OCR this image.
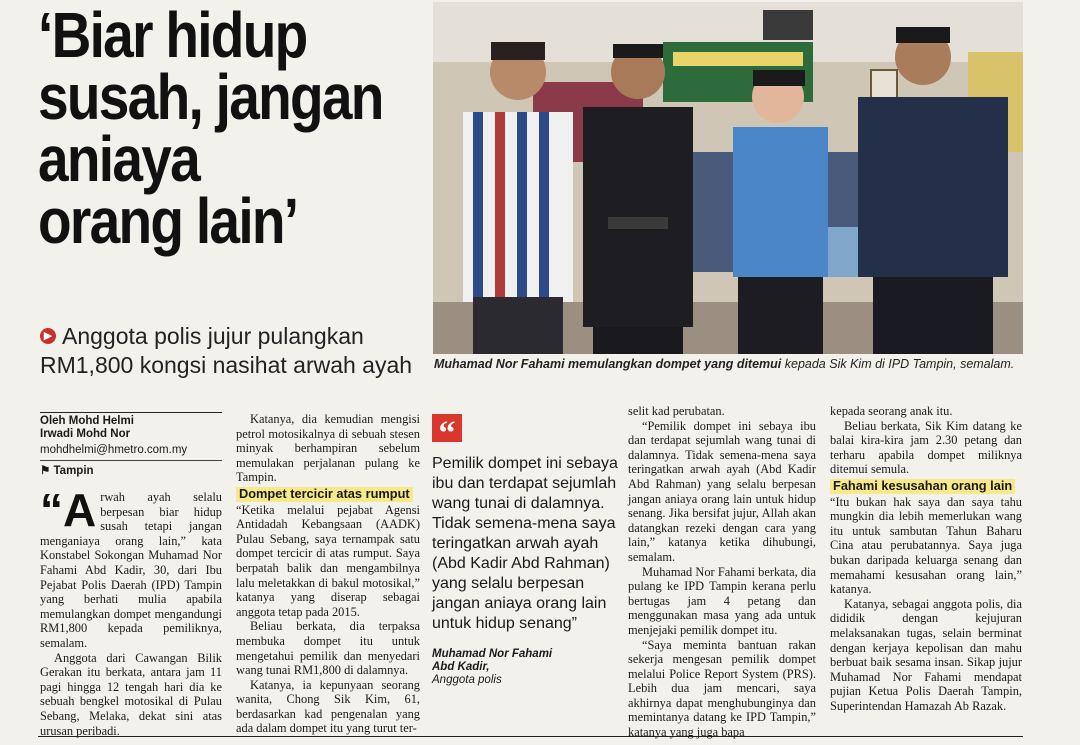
‘Biar hidup
susah, jangan
aniaya
orang lain’
▶ Anggota polis jujur pulangkan RM1,800 kongsi nasihat arwah ayah	Muhamad Nor Fahami memulangkan dompet yang ditemui kepada Sik Kim di IPD Tampin, semalam.
Oleh Mohd Helmi
Irwadi Mohd Nor
mohdhelmi@hmetro.com.my
⚑ Tampin

“Arwah ayah selalu berpesan biar hidup susah tetapi jangan menganiaya orang lain,” kata Konstabel Sokongan Muhamad Nor Fahami Abd Kadir, 30, dari Ibu Pejabat Polis Daerah (IPD) Tampin yang berhati mulia apabila memulangkan dompet mengandungi RM1,800 kepada pemiliknya, semalam.

Anggota dari Cawangan Bilik Gerakan itu berkata, antara jam 11 pagi hingga 12 tengah hari dia ke sebuah bengkel motosikal di Pulau Sebang, Melaka, dekat sini atas urusan peribadi.

Katanya, dia kemudian mengisi petrol motosikalnya di sebuah stesen minyak berhampiran sebelum memulakan perjalanan pulang ke Tampin.

Dompet tercicir atas rumput

“Ketika melalui pejabat Agensi Antidadah Kebangsaan (AADK) Pulau Sebang, saya ternampak satu dompet tercicir di atas rumput. Saya berpatah balik dan mengambilnya lalu meletakkan di bakul motosikal,” katanya yang diserap sebagai anggota tetap pada 2015.

Beliau berkata, dia terpaksa membuka dompet itu untuk mengetahui pemilik dan menyedari wang tunai RM1,800 di dalamnya.

Katanya, ia kepunyaan seorang wanita, Chong Sik Kim, 61, berdasarkan kad pengenalan yang ada dalam dompet itu yang turut ter-

“
Pemilik dompet ini sebaya ibu dan terdapat sejumlah wang tunai di dalamnya. Tidak semena-mena saya teringatkan arwah ayah (Abd Kadir Abd Rahman) yang selalu berpesan jangan aniaya orang lain untuk hidup senang”
Muhamad Nor Fahami
Abd Kadir,
Anggota polis

selit kad perubatan.

“Pemilik dompet ini sebaya ibu dan terdapat sejumlah wang tunai di dalamnya. Tidak semena-mena saya teringatkan arwah ayah (Abd Kadir Abd Rahman) yang selalu berpesan jangan aniaya orang lain untuk hidup senang. Jika bersifat jujur, Allah akan datangkan rezeki dengan cara yang lain,” katanya ketika dihubungi, semalam.

Muhamad Nor Fahami berkata, dia pulang ke IPD Tampin kerana perlu bertugas jam 4 petang dan menggunakan masa yang ada untuk menjejaki pemilik dompet itu.

“Saya meminta bantuan rakan sekerja mengesan pemilik dompet melalui Police Report System (PRS). Lebih dua jam mencari, saya akhirnya dapat menghubunginya dan memintanya datang ke IPD Tampin,” katanya yang juga bapa

kepada seorang anak itu.

Beliau berkata, Sik Kim datang ke balai kira-kira jam 2.30 petang dan terharu apabila dompet miliknya ditemui semula.

Fahami kesusahan orang lain

“Itu bukan hak saya dan saya tahu mungkin dia lebih memerlukan wang itu untuk sambutan Tahun Baharu Cina atau perubatannya. Saya juga bukan daripada keluarga senang dan memahami kesusahan orang lain,” katanya.

Katanya, sebagai anggota polis, dia dididik dengan kejujuran melaksanakan tugas, selain berminat dengan kerjaya kepolisan dan mahu berbuat baik sesama insan. Sikap jujur Muhamad Nor Fahami mendapat pujian Ketua Polis Daerah Tampin, Superintendan Hamazah Ab Razak.
